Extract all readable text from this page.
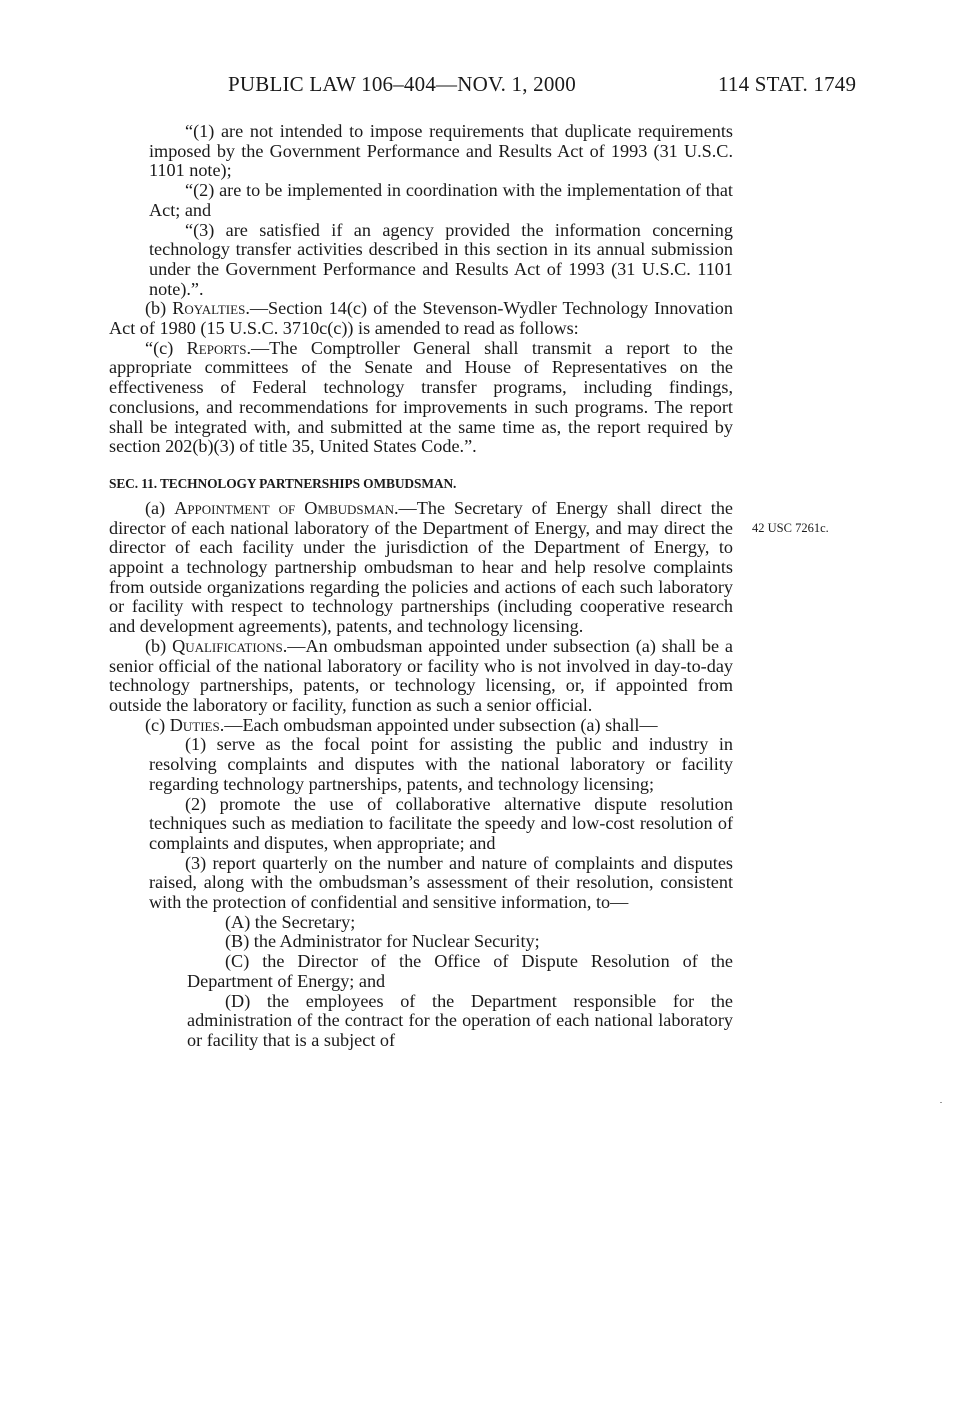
PUBLIC LAW 106–404—NOV. 1, 2000	114 STAT. 1749
42 USC 7261c.

“(1) are not intended to impose requirements that duplicate requirements imposed by the Government Performance and Results Act of 1993 (31 U.S.C. 1101 note);

“(2) are to be implemented in coordination with the implementation of that Act; and

“(3) are satisfied if an agency provided the information concerning technology transfer activities described in this section in its annual submission under the Government Performance and Results Act of 1993 (31 U.S.C. 1101 note).”.

(b) Royalties.—Section 14(c) of the Stevenson-Wydler Technology Innovation Act of 1980 (15 U.S.C. 3710c(c)) is amended to read as follows:

“(c) Reports.—The Comptroller General shall transmit a report to the appropriate committees of the Senate and House of Representatives on the effectiveness of Federal technology transfer programs, including findings, conclusions, and recommendations for improvements in such programs. The report shall be integrated with, and submitted at the same time as, the report required by section 202(b)(3) of title 35, United States Code.”.

SEC. 11. TECHNOLOGY PARTNERSHIPS OMBUDSMAN.

(a) Appointment of Ombudsman.—The Secretary of Energy shall direct the director of each national laboratory of the Department of Energy, and may direct the director of each facility under the jurisdiction of the Department of Energy, to appoint a technology partnership ombudsman to hear and help resolve complaints from outside organizations regarding the policies and actions of each such laboratory or facility with respect to technology partnerships (including cooperative research and development agreements), patents, and technology licensing.

(b) Qualifications.—An ombudsman appointed under subsection (a) shall be a senior official of the national laboratory or facility who is not involved in day-to-day technology partnerships, patents, or technology licensing, or, if appointed from outside the laboratory or facility, function as such a senior official.

(c) Duties.—Each ombudsman appointed under subsection (a) shall—

(1) serve as the focal point for assisting the public and industry in resolving complaints and disputes with the national laboratory or facility regarding technology partnerships, patents, and technology licensing;

(2) promote the use of collaborative alternative dispute resolution techniques such as mediation to facilitate the speedy and low-cost resolution of complaints and disputes, when appropriate; and

(3) report quarterly on the number and nature of complaints and disputes raised, along with the ombudsman’s assessment of their resolution, consistent with the protection of confidential and sensitive information, to—

(A) the Secretary;

(B) the Administrator for Nuclear Security;

(C) the Director of the Office of Dispute Resolution of the Department of Energy; and

(D) the employees of the Department responsible for the administration of the contract for the operation of each national laboratory or facility that is a subject of
